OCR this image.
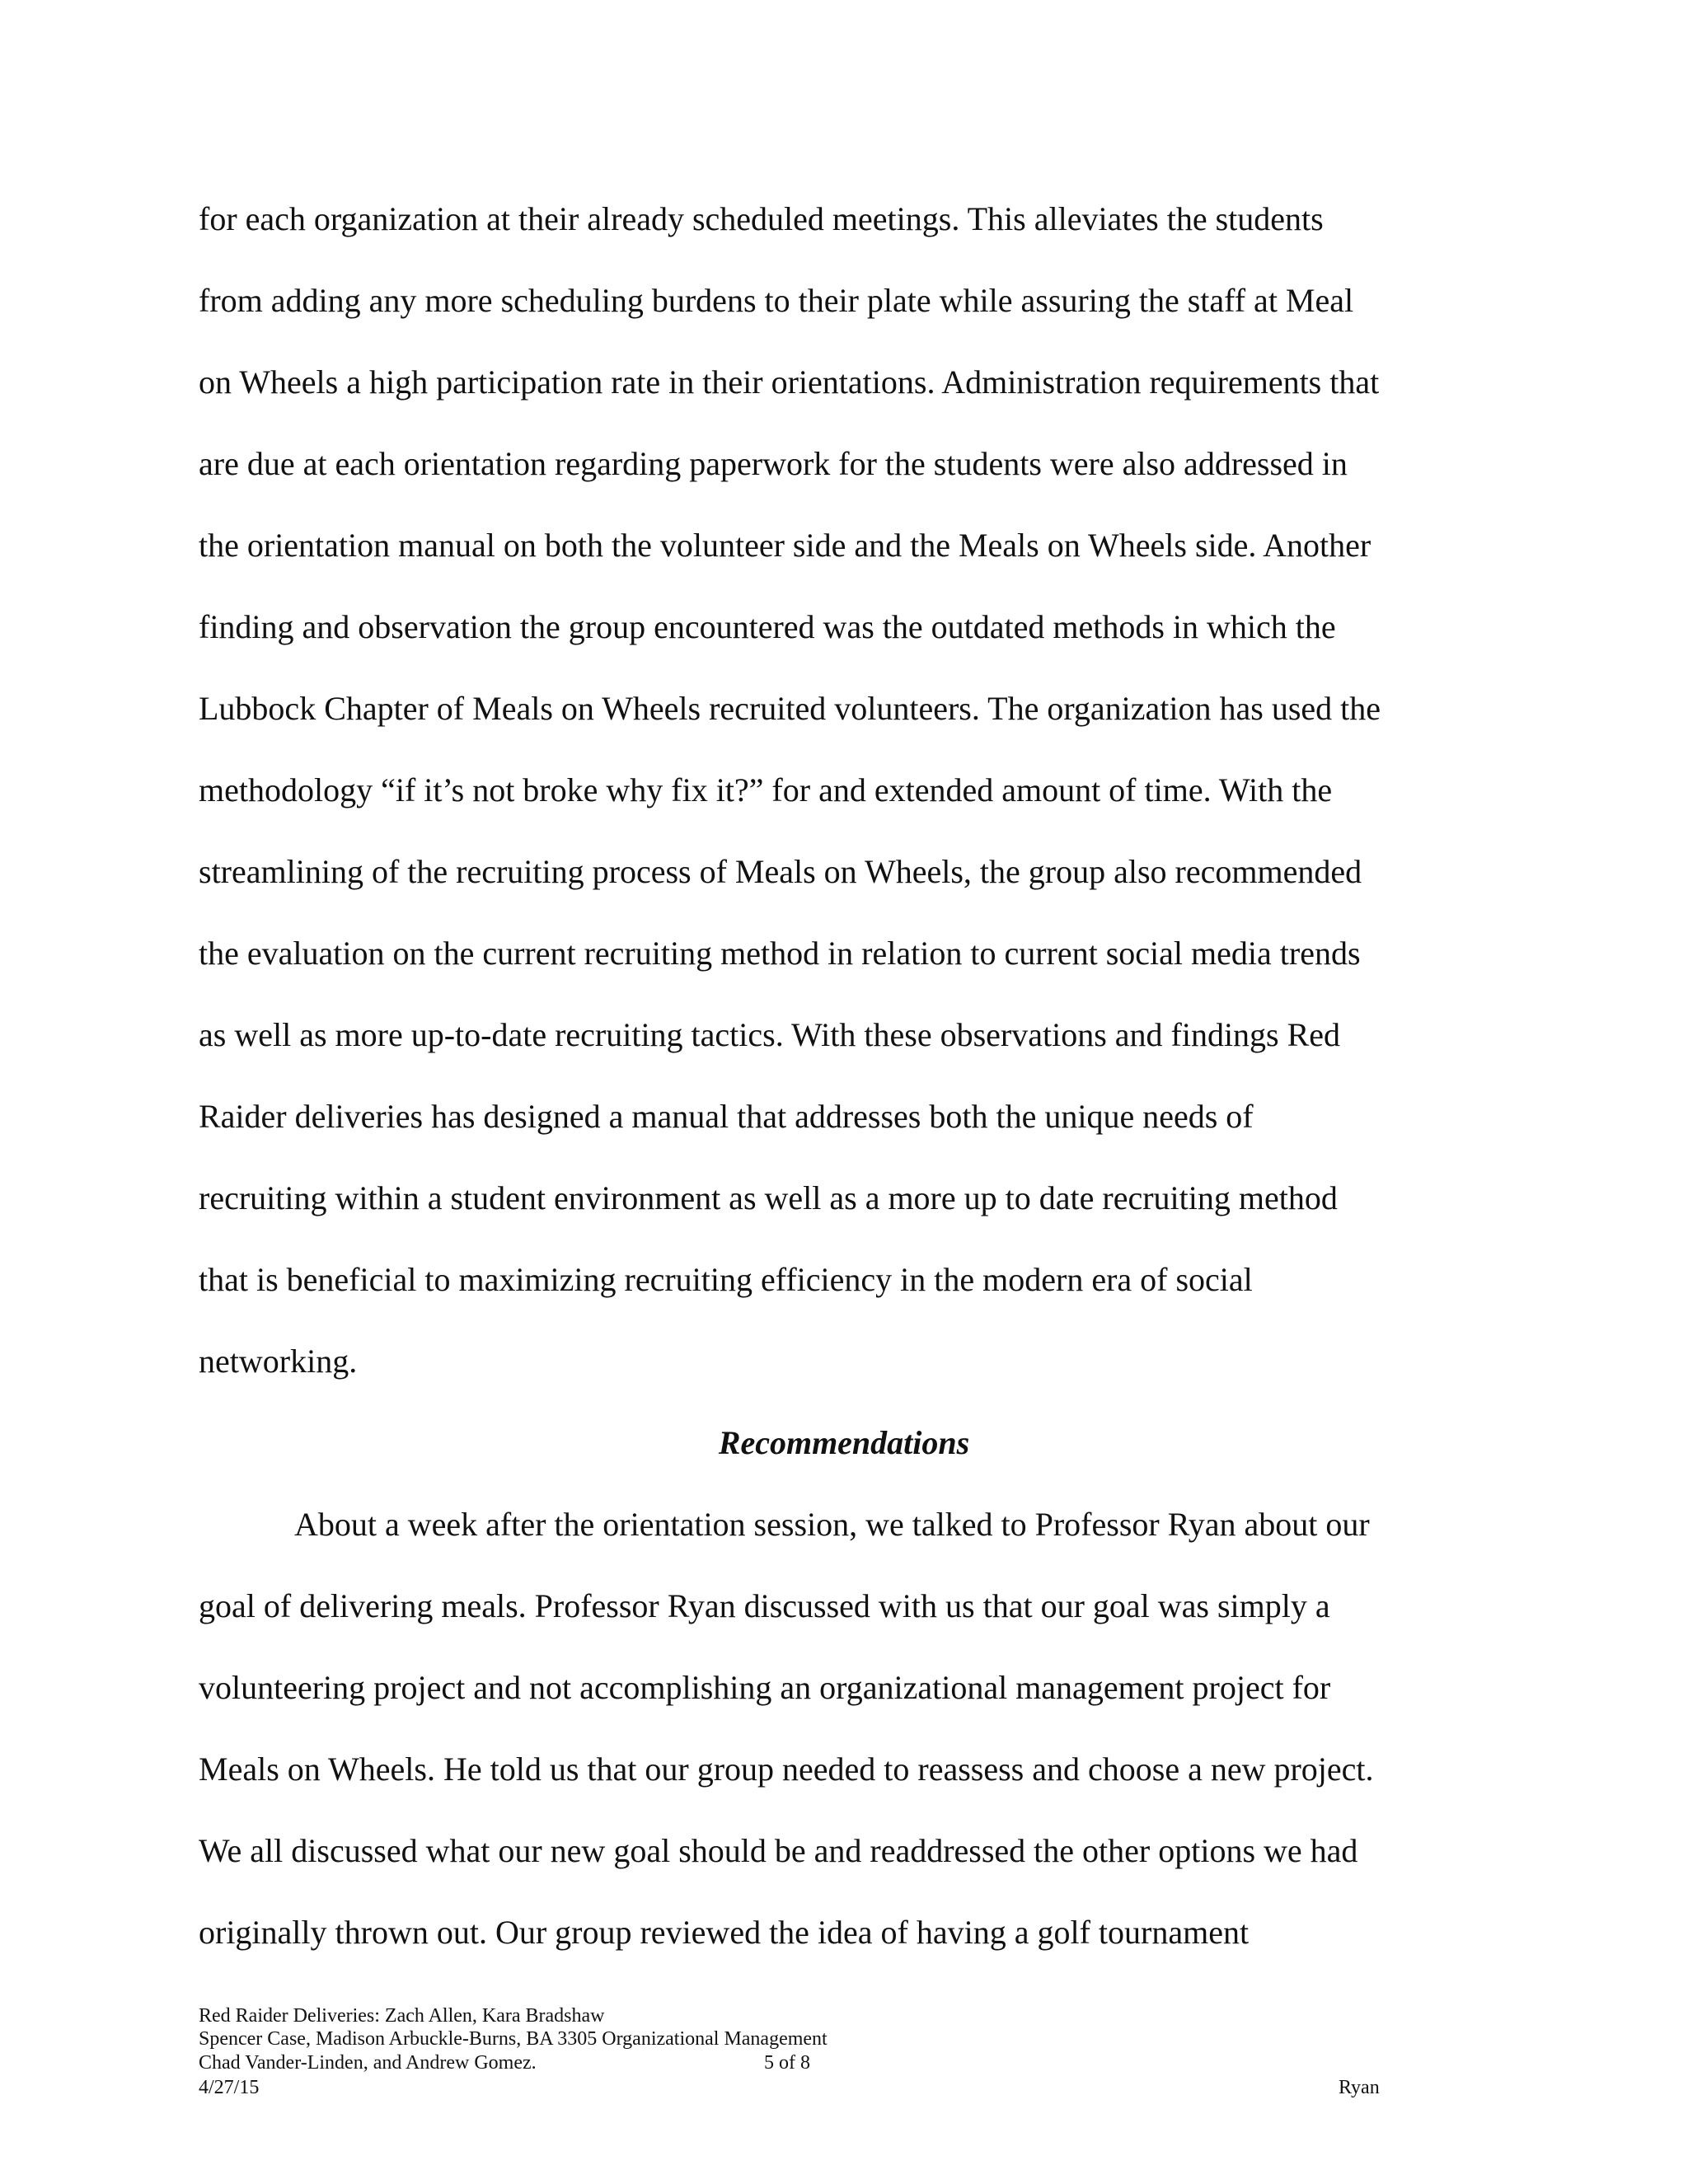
for each organization at their already scheduled meetings. This alleviates the students
from adding any more scheduling burdens to their plate while assuring the staff at Meal
on Wheels a high participation rate in their orientations. Administration requirements that
are due at each orientation regarding paperwork for the students were also addressed in
the orientation manual on both the volunteer side and the Meals on Wheels side. Another
finding and observation the group encountered was the outdated methods in which the
Lubbock Chapter of Meals on Wheels recruited volunteers. The organization has used the
methodology “if it’s not broke why fix it?” for and extended amount of time. With the
streamlining of the recruiting process of Meals on Wheels, the group also recommended
the evaluation on the current recruiting method in relation to current social media trends
as well as more up-to-date recruiting tactics. With these observations and findings Red
Raider deliveries has designed a manual that addresses both the unique needs of
recruiting within a student environment as well as a more up to date recruiting method
that is beneficial to maximizing recruiting efficiency in the modern era of social
networking.
Recommendations
About a week after the orientation session, we talked to Professor Ryan about our
goal of delivering meals. Professor Ryan discussed with us that our goal was simply a
volunteering project and not accomplishing an organizational management project for
Meals on Wheels. He told us that our group needed to reassess and choose a new project.
We all discussed what our new goal should be and readdressed the other options we had
originally thrown out. Our group reviewed the idea of having a golf tournament
Red Raider Deliveries: Zach Allen, Kara Bradshaw
Spencer Case, Madison Arbuckle-Burns, BA 3305 Organizational Management
Chad Vander-Linden, and Andrew Gomez.	5 of 8
4/27/15	Ryan
